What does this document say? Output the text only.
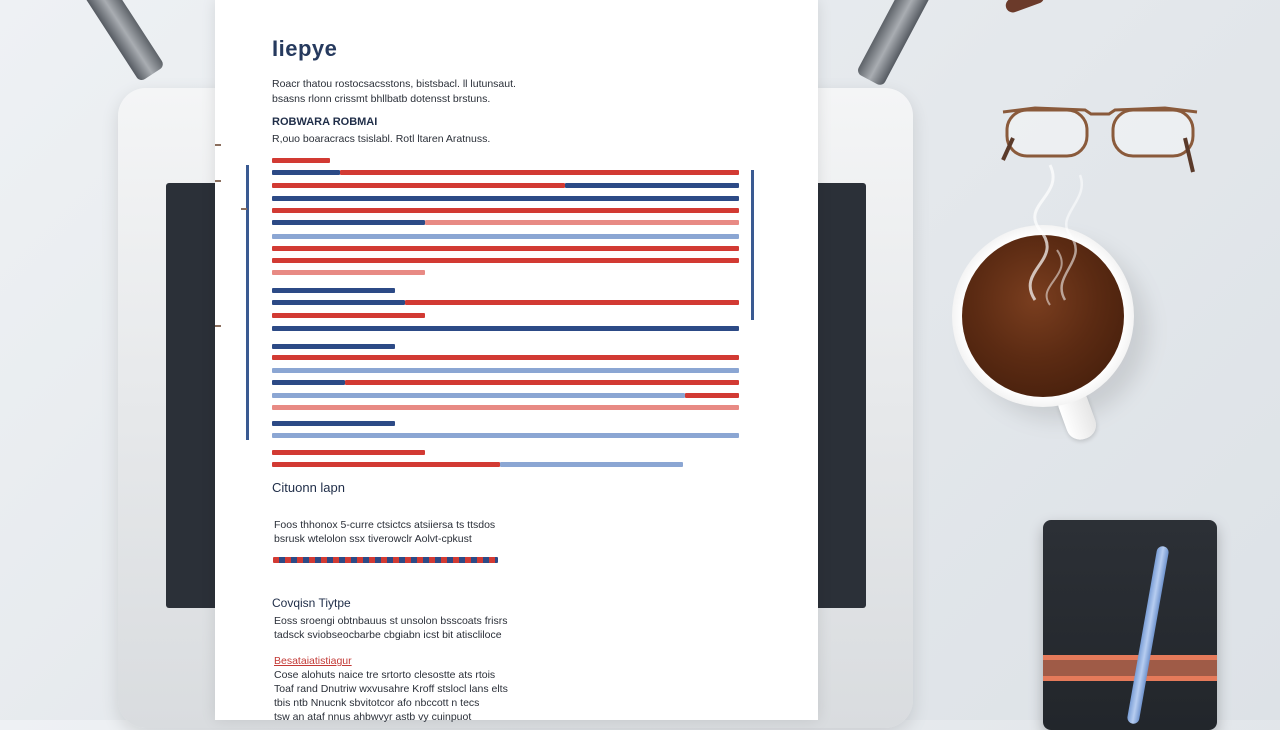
Iiepye
Roacr thatou rostocsacsstons, bistsbacl. ll lutunsaut.
bsasns rlonn crissmt bhllbatb dotensst brstuns.
ROBWARA ROBMAI
R,ouo boaracracs tsislabl. Rotl ltaren Aratnuss.
Cituonn lapn
Foos thhonox 5-curre ctsictcs atsiiersa ts ttsdos
bsrusk wtelolon ssx tiverowclr Aolvt-cpkust
Covqisn Tiytpe
Eoss sroengi obtnbauus st unsolon bsscoats frisrs
tadsck sviobseocbarbe cbgiabn icst bit atiscliloce
Besataiatistiagur
Cose alohuts naice tre srtorto clesostte ats rtois
Toaf rand Dnutriw wxvusahre Kroff stslocl lans elts
tbis ntb Nnucnk sbvitotcor afo nbccott n tecs
tsw an ataf nnus ahbwvyr astb vy cuinpuot
